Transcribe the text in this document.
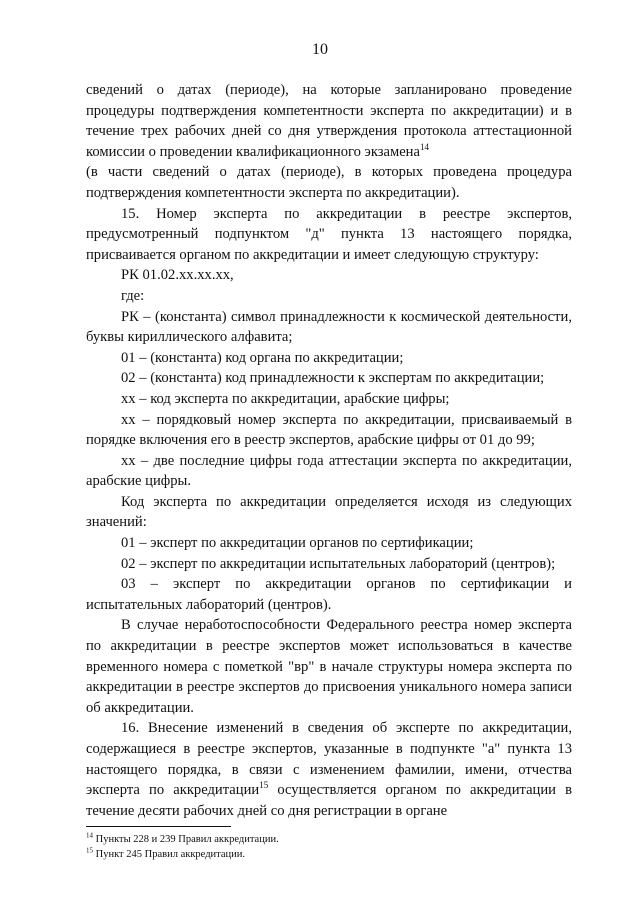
10

сведений о датах (периоде), на которые запланировано проведение процедуры подтверждения компетентности эксперта по аккредитации) и в течение трех рабочих дней со дня утверждения протокола аттестационной комиссии о проведении квалификационного экзамена$^{14}$

(в части сведений о датах (периоде), в которых проведена процедура подтверждения компетентности эксперта по аккредитации).

15. Номер эксперта по аккредитации в реестре экспертов, предусмотренный подпунктом "д" пункта 13 настоящего порядка, присваивается органом по аккредитации и имеет следующую структуру:

РК 01.02.хх.хх.хх,

где:

РК – (константа) символ принадлежности к космической деятельности, буквы кириллического алфавита;

01 – (константа) код органа по аккредитации;

02 – (константа) код принадлежности к экспертам по аккредитации;

хх – код эксперта по аккредитации, арабские цифры;

хх – порядковый номер эксперта по аккредитации, присваиваемый в порядке включения его в реестр экспертов, арабские цифры от 01 до 99;

хх – две последние цифры года аттестации эксперта по аккредитации, арабские цифры.

Код эксперта по аккредитации определяется исходя из следующих значений:

01 – эксперт по аккредитации органов по сертификации;

02 – эксперт по аккредитации испытательных лабораторий (центров);

03 – эксперт по аккредитации органов по сертификации и испытательных лабораторий (центров).

В случае неработоспособности Федерального реестра номер эксперта по аккредитации в реестре экспертов может использоваться в качестве временного номера с пометкой "вр" в начале структуры номера эксперта по аккредитации в реестре экспертов до присвоения уникального номера записи об аккредитации.

16. Внесение изменений в сведения об эксперте по аккредитации, содержащиеся в реестре экспертов, указанные в подпункте "а" пункта 13 настоящего порядка, в связи с изменением фамилии, имени, отчества эксперта по аккредитации$^{15}$ осуществляется органом по аккредитации в течение десяти рабочих дней со дня регистрации в органе

$^{14}$ Пункты 228 и 239 Правил аккредитации.
$^{15}$ Пункт 245 Правил аккредитации.
